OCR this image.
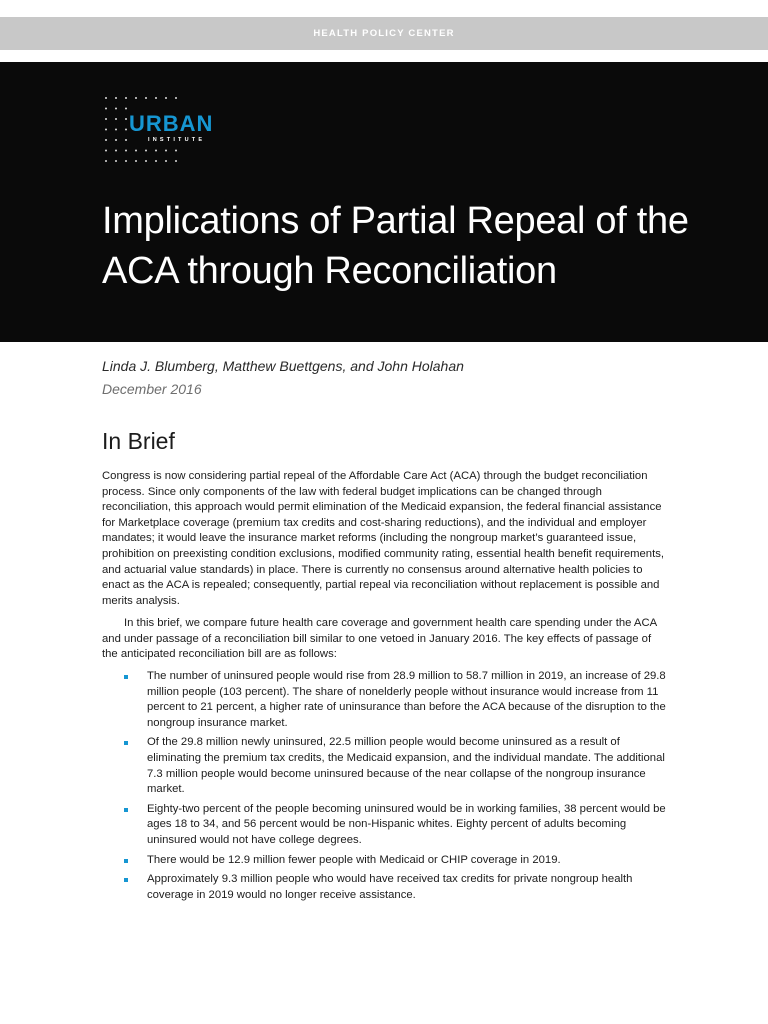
HEALTH POLICY CENTER
URBAN
INSTITUTE
Implications of Partial Repeal of the ACA through Reconciliation
Linda J. Blumberg, Matthew Buettgens, and John Holahan
December 2016
In Brief

Congress is now considering partial repeal of the Affordable Care Act (ACA) through the budget reconciliation process. Since only components of the law with federal budget implications can be changed through reconciliation, this approach would permit elimination of the Medicaid expansion, the federal financial assistance for Marketplace coverage (premium tax credits and cost-sharing reductions), and the individual and employer mandates; it would leave the insurance market reforms (including the nongroup market’s guaranteed issue, prohibition on preexisting condition exclusions, modified community rating, essential health benefit requirements, and actuarial value standards) in place. There is currently no consensus around alternative health policies to enact as the ACA is repealed; consequently, partial repeal via reconciliation without replacement is possible and merits analysis.

In this brief, we compare future health care coverage and government health care spending under the ACA and under passage of a reconciliation bill similar to one vetoed in January 2016. The key effects of passage of the anticipated reconciliation bill are as follows:

The number of uninsured people would rise from 28.9 million to 58.7 million in 2019, an increase of 29.8 million people (103 percent). The share of nonelderly people without insurance would increase from 11 percent to 21 percent, a higher rate of uninsurance than before the ACA because of the disruption to the nongroup insurance market.
Of the 29.8 million newly uninsured, 22.5 million people would become uninsured as a result of eliminating the premium tax credits, the Medicaid expansion, and the individual mandate. The additional 7.3 million people would become uninsured because of the near collapse of the nongroup insurance market.
Eighty-two percent of the people becoming uninsured would be in working families, 38 percent would be ages 18 to 34, and 56 percent would be non-Hispanic whites. Eighty percent of adults becoming uninsured would not have college degrees.
There would be 12.9 million fewer people with Medicaid or CHIP coverage in 2019.
Approximately 9.3 million people who would have received tax credits for private nongroup health coverage in 2019 would no longer receive assistance.
